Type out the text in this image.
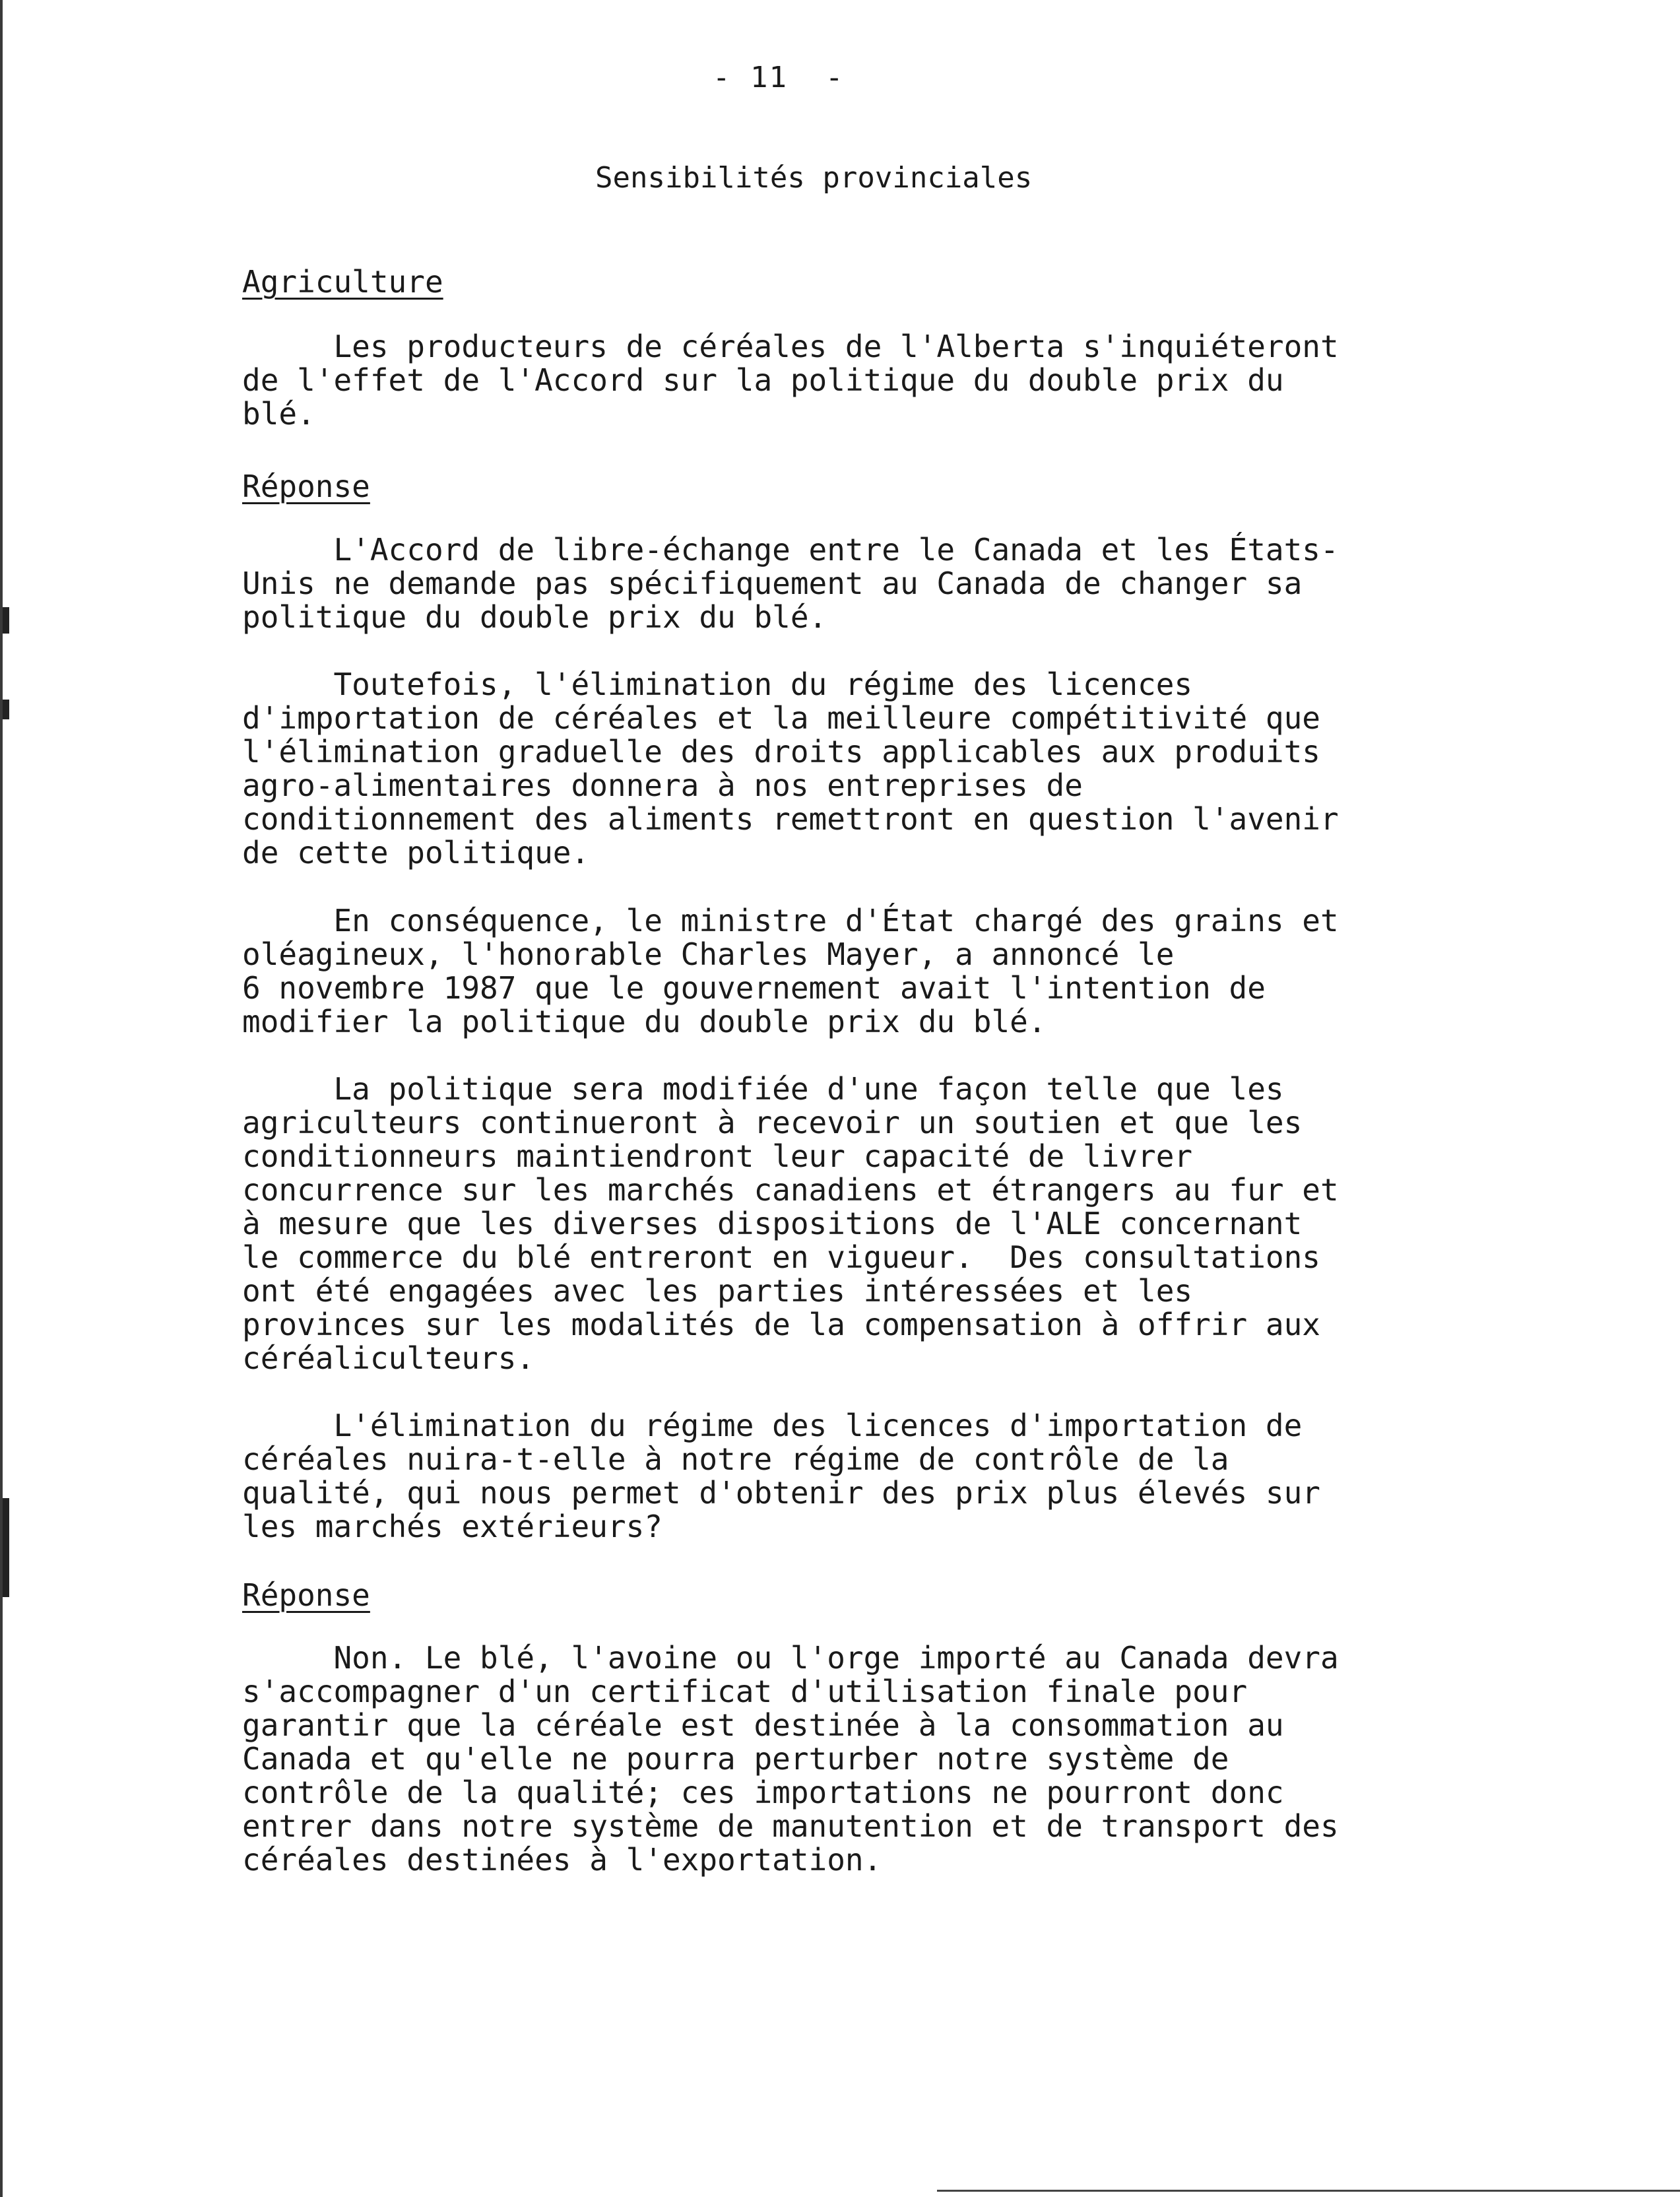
- 11  -
Sensibilités provinciales
Agriculture
Les producteurs de céréales de l'Alberta s'inquiéteront
de l'effet de l'Accord sur la politique du double prix du
blé.
Réponse
L'Accord de libre-échange entre le Canada et les États-
Unis ne demande pas spécifiquement au Canada de changer sa
politique du double prix du blé.
Toutefois, l'élimination du régime des licences
d'importation de céréales et la meilleure compétitivité que
l'élimination graduelle des droits applicables aux produits
agro-alimentaires donnera à nos entreprises de
conditionnement des aliments remettront en question l'avenir
de cette politique.
En conséquence, le ministre d'État chargé des grains et
oléagineux, l'honorable Charles Mayer, a annoncé le
6 novembre 1987 que le gouvernement avait l'intention de
modifier la politique du double prix du blé.
La politique sera modifiée d'une façon telle que les
agriculteurs continueront à recevoir un soutien et que les
conditionneurs maintiendront leur capacité de livrer
concurrence sur les marchés canadiens et étrangers au fur et
à mesure que les diverses dispositions de l'ALE concernant
le commerce du blé entreront en vigueur.  Des consultations
ont été engagées avec les parties intéressées et les
provinces sur les modalités de la compensation à offrir aux
céréaliculteurs.
L'élimination du régime des licences d'importation de
céréales nuira-t-elle à notre régime de contrôle de la
qualité, qui nous permet d'obtenir des prix plus élevés sur
les marchés extérieurs?
Réponse
Non. Le blé, l'avoine ou l'orge importé au Canada devra
s'accompagner d'un certificat d'utilisation finale pour
garantir que la céréale est destinée à la consommation au
Canada et qu'elle ne pourra perturber notre système de
contrôle de la qualité; ces importations ne pourront donc
entrer dans notre système de manutention et de transport des
céréales destinées à l'exportation.
